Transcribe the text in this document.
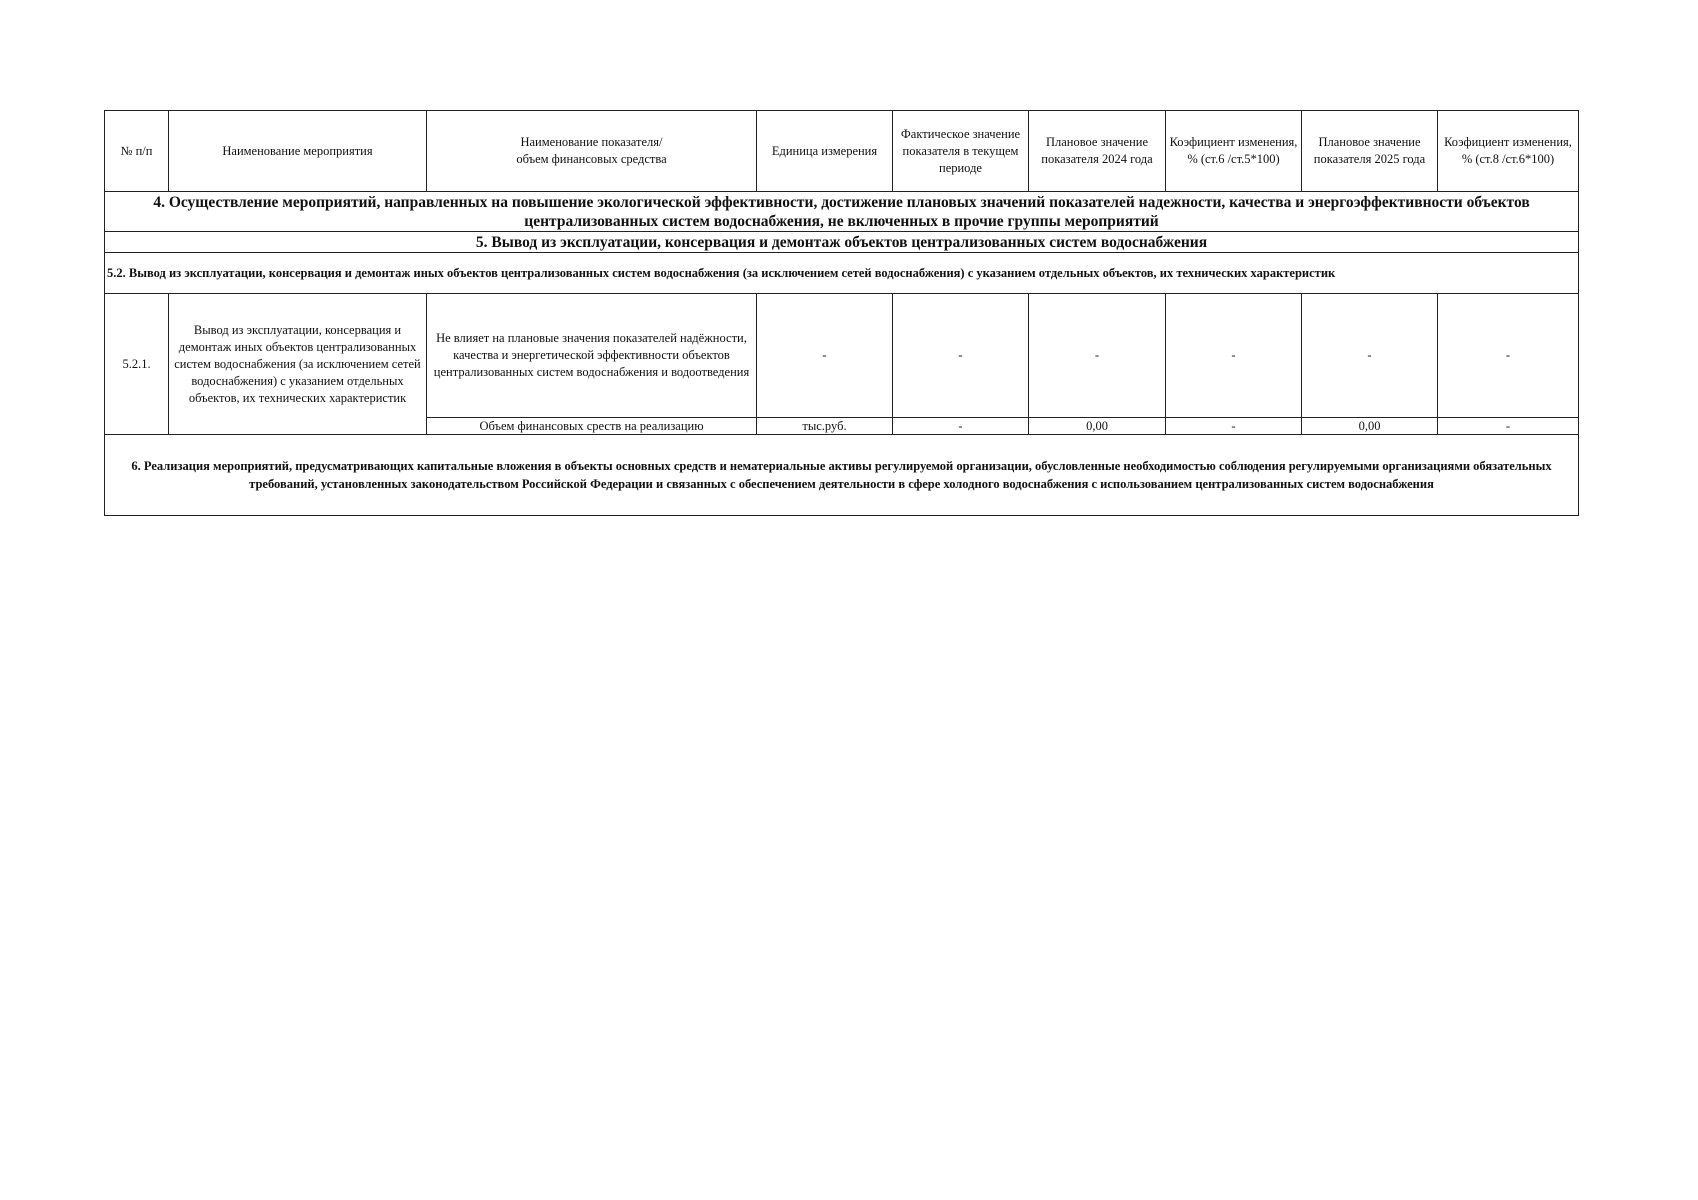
№ п/п	Наименование мероприятия	Наименование показателя/
объем финансовых средства	Единица измерения	Фактическое значение показателя в текущем периоде	Плановое значение показателя 2024 года	Коэфициент изменения, % (ст.6 /ст.5*100)	Плановое значение показателя 2025 года	Коэфициент изменения, % (ст.8 /ст.6*100)
4. Осуществление мероприятий, направленных на повышение экологической эффективности, достижение плановых значений показателей надежности, качества и энергоэффективности объектов централизованных систем водоснабжения, не включенных в прочие группы мероприятий								
5. Вывод из эксплуатации, консервация и демонтаж объектов централизованных систем водоснабжения								
5.2. Вывод из эксплуатации, консервация и демонтаж иных объектов централизованных систем водоснабжения (за исключением сетей водоснабжения) с указанием отдельных объектов, их технических характеристик								
5.2.1.	Вывод из эксплуатации, консервация и демонтаж иных объектов централизованных систем водоснабжения (за исключением сетей водоснабжения) с указанием отдельных объектов, их технических характеристик	Не влияет на плановые значения показателей надёжности, качества и энергетической эффективности объектов централизованных систем водоснабжения и водоотведения	-	-	-	-	-	-
		Объем финансовых среств на реализацию	тыс.руб.	-	0,00	-	0,00	-
6. Реализация мероприятий, предусматривающих капитальные вложения в объекты основных средств и нематериальные активы регулируемой организации, обусловленные необходимостью соблюдения регулируемыми организациями обязательных требований, установленных законодательством Российской Федерации и связанных с обеспечением деятельности в сфере холодного водоснабжения с использованием централизованных систем водоснабжения								
